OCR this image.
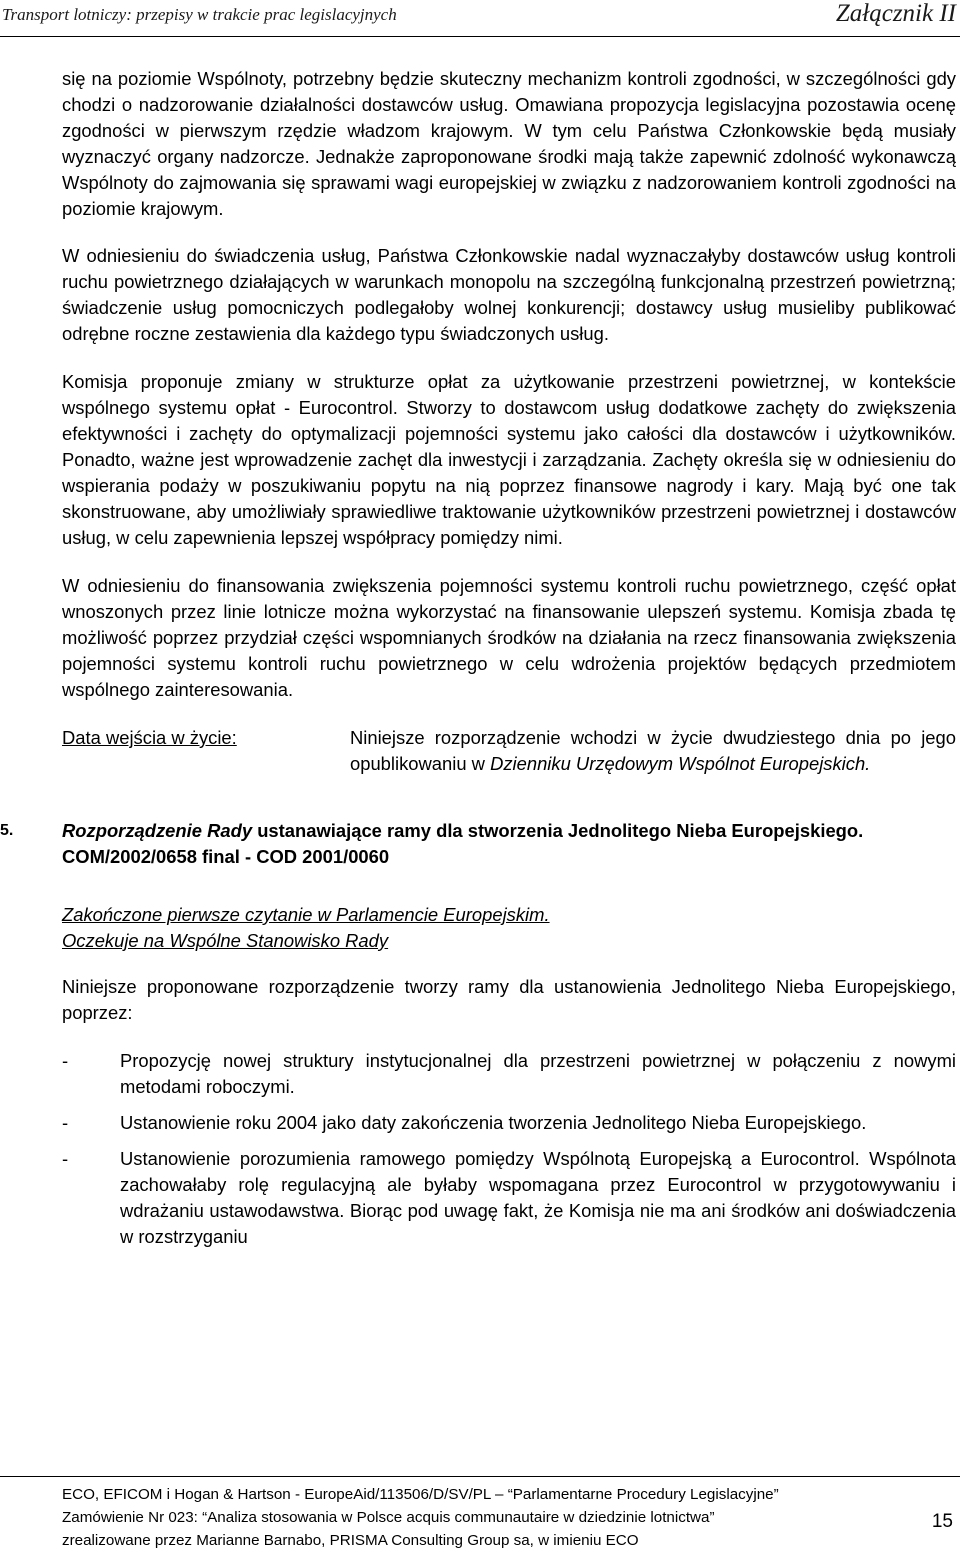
Transport lotniczy: przepisy w trakcie prac legislacyjnych	Załącznik II

się na poziomie Wspólnoty, potrzebny będzie skuteczny mechanizm kontroli zgodności, w szczególności gdy chodzi o nadzorowanie działalności dostawców usług. Omawiana propozycja legislacyjna pozostawia ocenę zgodności w pierwszym rzędzie władzom krajowym. W tym celu Państwa Członkowskie będą musiały wyznaczyć organy nadzorcze. Jednakże zaproponowane środki mają także zapewnić zdolność wykonawczą Wspólnoty do zajmowania się sprawami wagi europejskiej w związku z nadzorowaniem kontroli zgodności na poziomie krajowym.

W odniesieniu do świadczenia usług, Państwa Członkowskie nadal wyznaczałyby dostawców usług kontroli ruchu powietrznego działających w warunkach monopolu na szczególną funkcjonalną przestrzeń powietrzną; świadczenie usług pomocniczych podlegałoby wolnej konkurencji; dostawcy usług musieliby publikować odrębne roczne zestawienia dla każdego typu świadczonych usług.

Komisja proponuje zmiany w strukturze opłat za użytkowanie przestrzeni powietrznej, w kontekście wspólnego systemu opłat - Eurocontrol. Stworzy to dostawcom usług dodatkowe zachęty do zwiększenia efektywności i zachęty do optymalizacji pojemności systemu jako całości dla dostawców i użytkowników. Ponadto, ważne jest wprowadzenie zachęt dla inwestycji i zarządzania. Zachęty określa się w odniesieniu do wspierania podaży w poszukiwaniu popytu na nią poprzez finansowe nagrody i kary. Mają być one tak skonstruowane, aby umożliwiały sprawiedliwe traktowanie użytkowników przestrzeni powietrznej i dostawców usług, w celu zapewnienia lepszej współpracy pomiędzy nimi.

W odniesieniu do finansowania zwiększenia pojemności systemu kontroli ruchu powietrznego, część opłat wnoszonych przez linie lotnicze można wykorzystać na finansowanie ulepszeń systemu. Komisja zbada tę możliwość poprzez przydział części wspomnianych środków na działania na rzecz finansowania zwiększenia pojemności systemu kontroli ruchu powietrznego w celu wdrożenia projektów będących przedmiotem wspólnego zainteresowania.

Data wejścia w życie:	Niniejsze rozporządzenie wchodzi w życie dwudziestego dnia po jego opublikowaniu w Dzienniku Urzędowym Wspólnot Europejskich.
5.	Rozporządzenie Rady ustanawiające ramy dla stworzenia Jednolitego Nieba Europejskiego.
COM/2002/0658 final - COD 2001/0060
Zakończone pierwsze czytanie w Parlamencie Europejskim.
Oczekuje na Wspólne Stanowisko Rady

Niniejsze proponowane rozporządzenie tworzy ramy dla ustanowienia Jednolitego Nieba Europejskiego, poprzez:

-	Propozycję nowej struktury instytucjonalnej dla przestrzeni powietrznej w połączeniu z nowymi metodami roboczymi.
-	Ustanowienie roku 2004 jako daty zakończenia tworzenia Jednolitego Nieba Europejskiego.
-	Ustanowienie porozumienia ramowego pomiędzy Wspólnotą Europejską a Eurocontrol. Wspólnota zachowałaby rolę regulacyjną ale byłaby wspomagana przez Eurocontrol w przygotowywaniu i wdrażaniu ustawodawstwa. Biorąc pod uwagę fakt, że Komisja nie ma ani środków ani doświadczenia w rozstrzyganiu
ECO, EFICOM i Hogan & Hartson - EuropeAid/113506/D/SV/PL – “Parlamentarne Procedury Legislacyjne”
Zamówienie Nr 023: “Analiza stosowania w Polsce acquis communautaire w dziedzinie lotnictwa”
zrealizowane przez Marianne Barnabo, PRISMA Consulting Group sa, w imieniu ECO
15
